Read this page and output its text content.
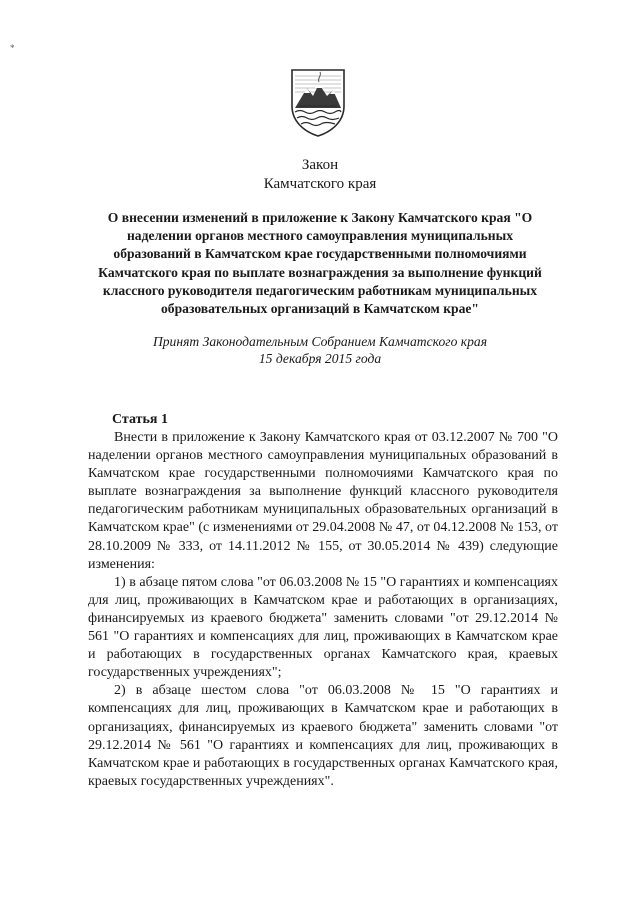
*
Закон
Камчатского края
О внесении изменений в приложение к Закону Камчатского края "О наделении органов местного самоуправления муниципальных образований в Камчатском крае государственными полномочиями Камчатского края по выплате вознаграждения за выполнение функций классного руководителя педагогическим работникам муниципальных образовательных организаций в Камчатском крае"
Принят Законодательным Собранием Камчатского края
15 декабря 2015 года
Статья 1

Внести в приложение к Закону Камчатского края от 03.12.2007 № 700 "О наделении органов местного самоуправления муниципальных образований в Камчатском крае государственными полномочиями Камчатского края по выплате вознаграждения за выполнение функций классного руководителя педагогическим работникам муниципальных образовательных организаций в Камчатском крае" (с изменениями от 29.04.2008 № 47, от 04.12.2008 № 153, от 28.10.2009 № 333, от 14.11.2012 № 155, от 30.05.2014 № 439) следующие изменения:

1) в абзаце пятом слова "от 06.03.2008 № 15 "О гарантиях и компенсациях для лиц, проживающих в Камчатском крае и работающих в организациях, финансируемых из краевого бюджета" заменить словами "от 29.12.2014 № 561 "О гарантиях и компенсациях для лиц, проживающих в Камчатском крае и работающих в государственных органах Камчатского края, краевых государственных учреждениях";

2) в абзаце шестом слова "от 06.03.2008 № 15 "О гарантиях и компенсациях для лиц, проживающих в Камчатском крае и работающих в организациях, финансируемых из краевого бюджета" заменить словами "от 29.12.2014 № 561 "О гарантиях и компенсациях для лиц, проживающих в Камчатском крае и работающих в государственных органах Камчатского края, краевых государственных учреждениях".
